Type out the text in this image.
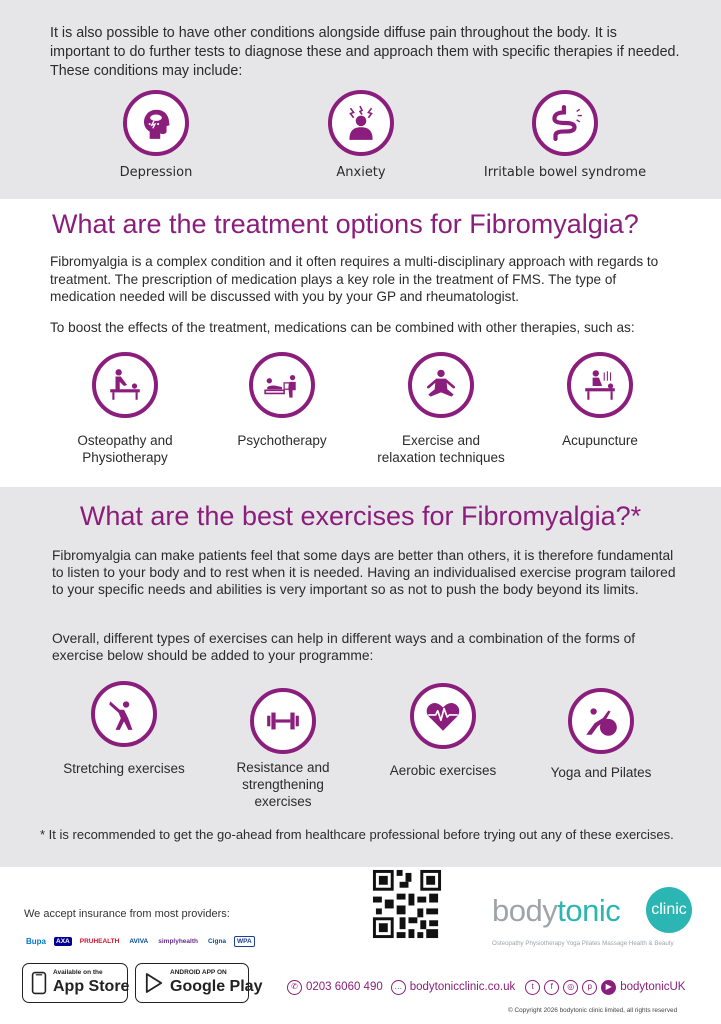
It is also possible to have other conditions alongside diffuse pain throughout the body. It is important to do further tests to diagnose these and approach them with specific therapies if needed. These conditions may include:

Depression	Anxiety	Irritable bowel syndrome
What are the treatment options for Fibromyalgia?

Fibromyalgia is a complex condition and it often requires a multi-disciplinary approach with regards to treatment. The prescription of medication plays a key role in the treatment of FMS. The type of medication needed will be discussed with you by your GP and rheumatologist.

To boost the effects of the treatment, medications can be combined with other therapies, such as:

Osteopathy and
Physiotherapy
Psychotherapy	Exercise and
relaxation techniques
Acupuncture
What are the best exercises for Fibromyalgia?*

Fibromyalgia can make patients feel that some days are better than others, it is therefore fundamental to listen to your body and to rest when it is needed. Having an individualised exercise program tailored to your specific needs and abilities is very important so as not to push the body beyond its limits.

Overall, different types of exercises can help in different ways and a combination of the forms of exercise below should be added to your programme:

Stretching exercises	Resistance and
strengthening
exercises
Aerobic exercises	Yoga and Pilates

* It is recommended to get the go-ahead from healthcare professional before trying out any of these exercises.

We accept insurance from most providers:
Bupa	AXA	PRUHEALTH	AVIVA	simplyhealth	Cigna	WPA
Available on the
App Store
ANDROID APP ON
Google Play
bodytonic	clinic
Osteopathy Physiotherapy Yoga Pilates Massage Health & Beauty
✆ 0203 6060 490	… bodytonicclinic.co.uk	t	f	◎	p	▶ bodytonicUK
© Copyright 2026 bodytonic clinic limited, all rights reserved
